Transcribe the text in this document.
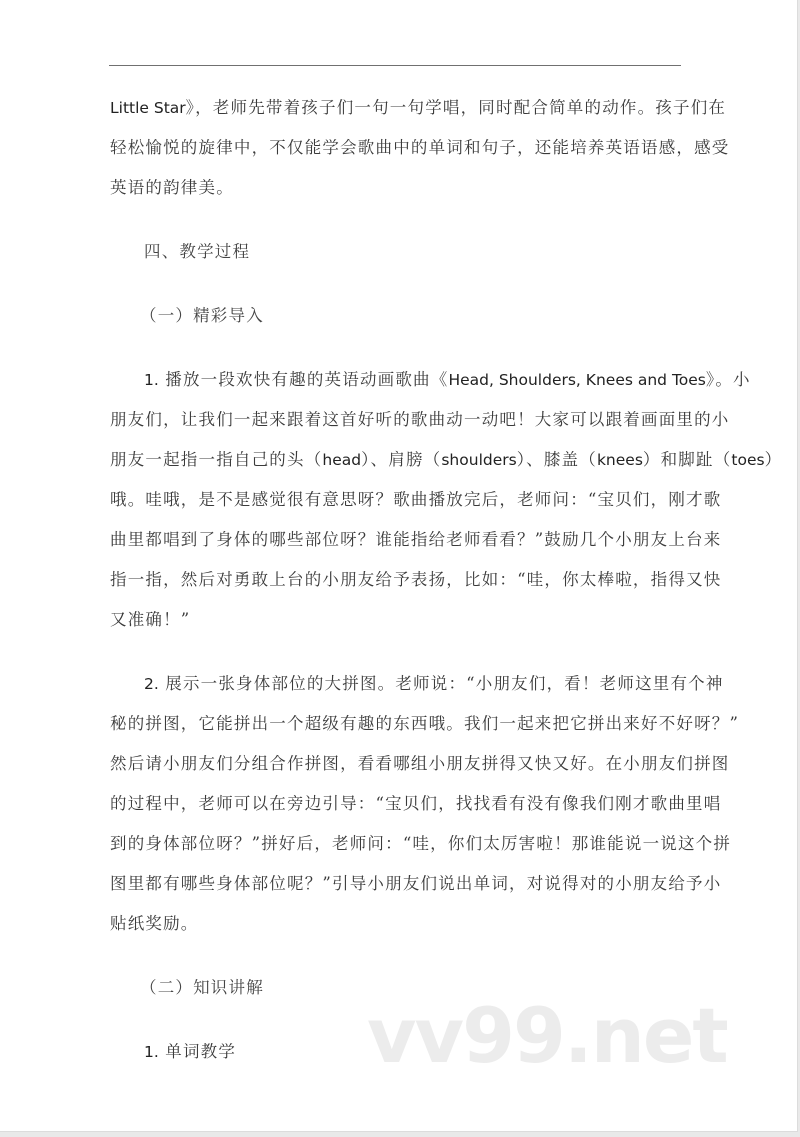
Little Star》，老师先带着孩子们一句一句学唱，同时配合简单的动作。孩子们在
轻松愉悦的旋律中，不仅能学会歌曲中的单词和句子，还能培养英语语感，感受
英语的韵律美。
四、教学过程
（一）精彩导入
1. 播放一段欢快有趣的英语动画歌曲《Head, Shoulders, Knees and Toes》。小
朋友们，让我们一起来跟着这首好听的歌曲动一动吧！大家可以跟着画面里的小
朋友一起指一指自己的头（head）、肩膀（shoulders）、膝盖（knees）和脚趾（toes）
哦。哇哦，是不是感觉很有意思呀？歌曲播放完后，老师问：“宝贝们，刚才歌
曲里都唱到了身体的哪些部位呀？谁能指给老师看看？”鼓励几个小朋友上台来
指一指，然后对勇敢上台的小朋友给予表扬，比如：“哇，你太棒啦，指得又快
又准确！”
2. 展示一张身体部位的大拼图。老师说：“小朋友们，看！老师这里有个神
秘的拼图，它能拼出一个超级有趣的东西哦。我们一起来把它拼出来好不好呀？”
然后请小朋友们分组合作拼图，看看哪组小朋友拼得又快又好。在小朋友们拼图
的过程中，老师可以在旁边引导：“宝贝们，找找看有没有像我们刚才歌曲里唱
到的身体部位呀？”拼好后，老师问：“哇，你们太厉害啦！那谁能说一说这个拼
图里都有哪些身体部位呢？”引导小朋友们说出单词，对说得对的小朋友给予小
贴纸奖励。
（二）知识讲解
1. 单词教学	vv99.net
